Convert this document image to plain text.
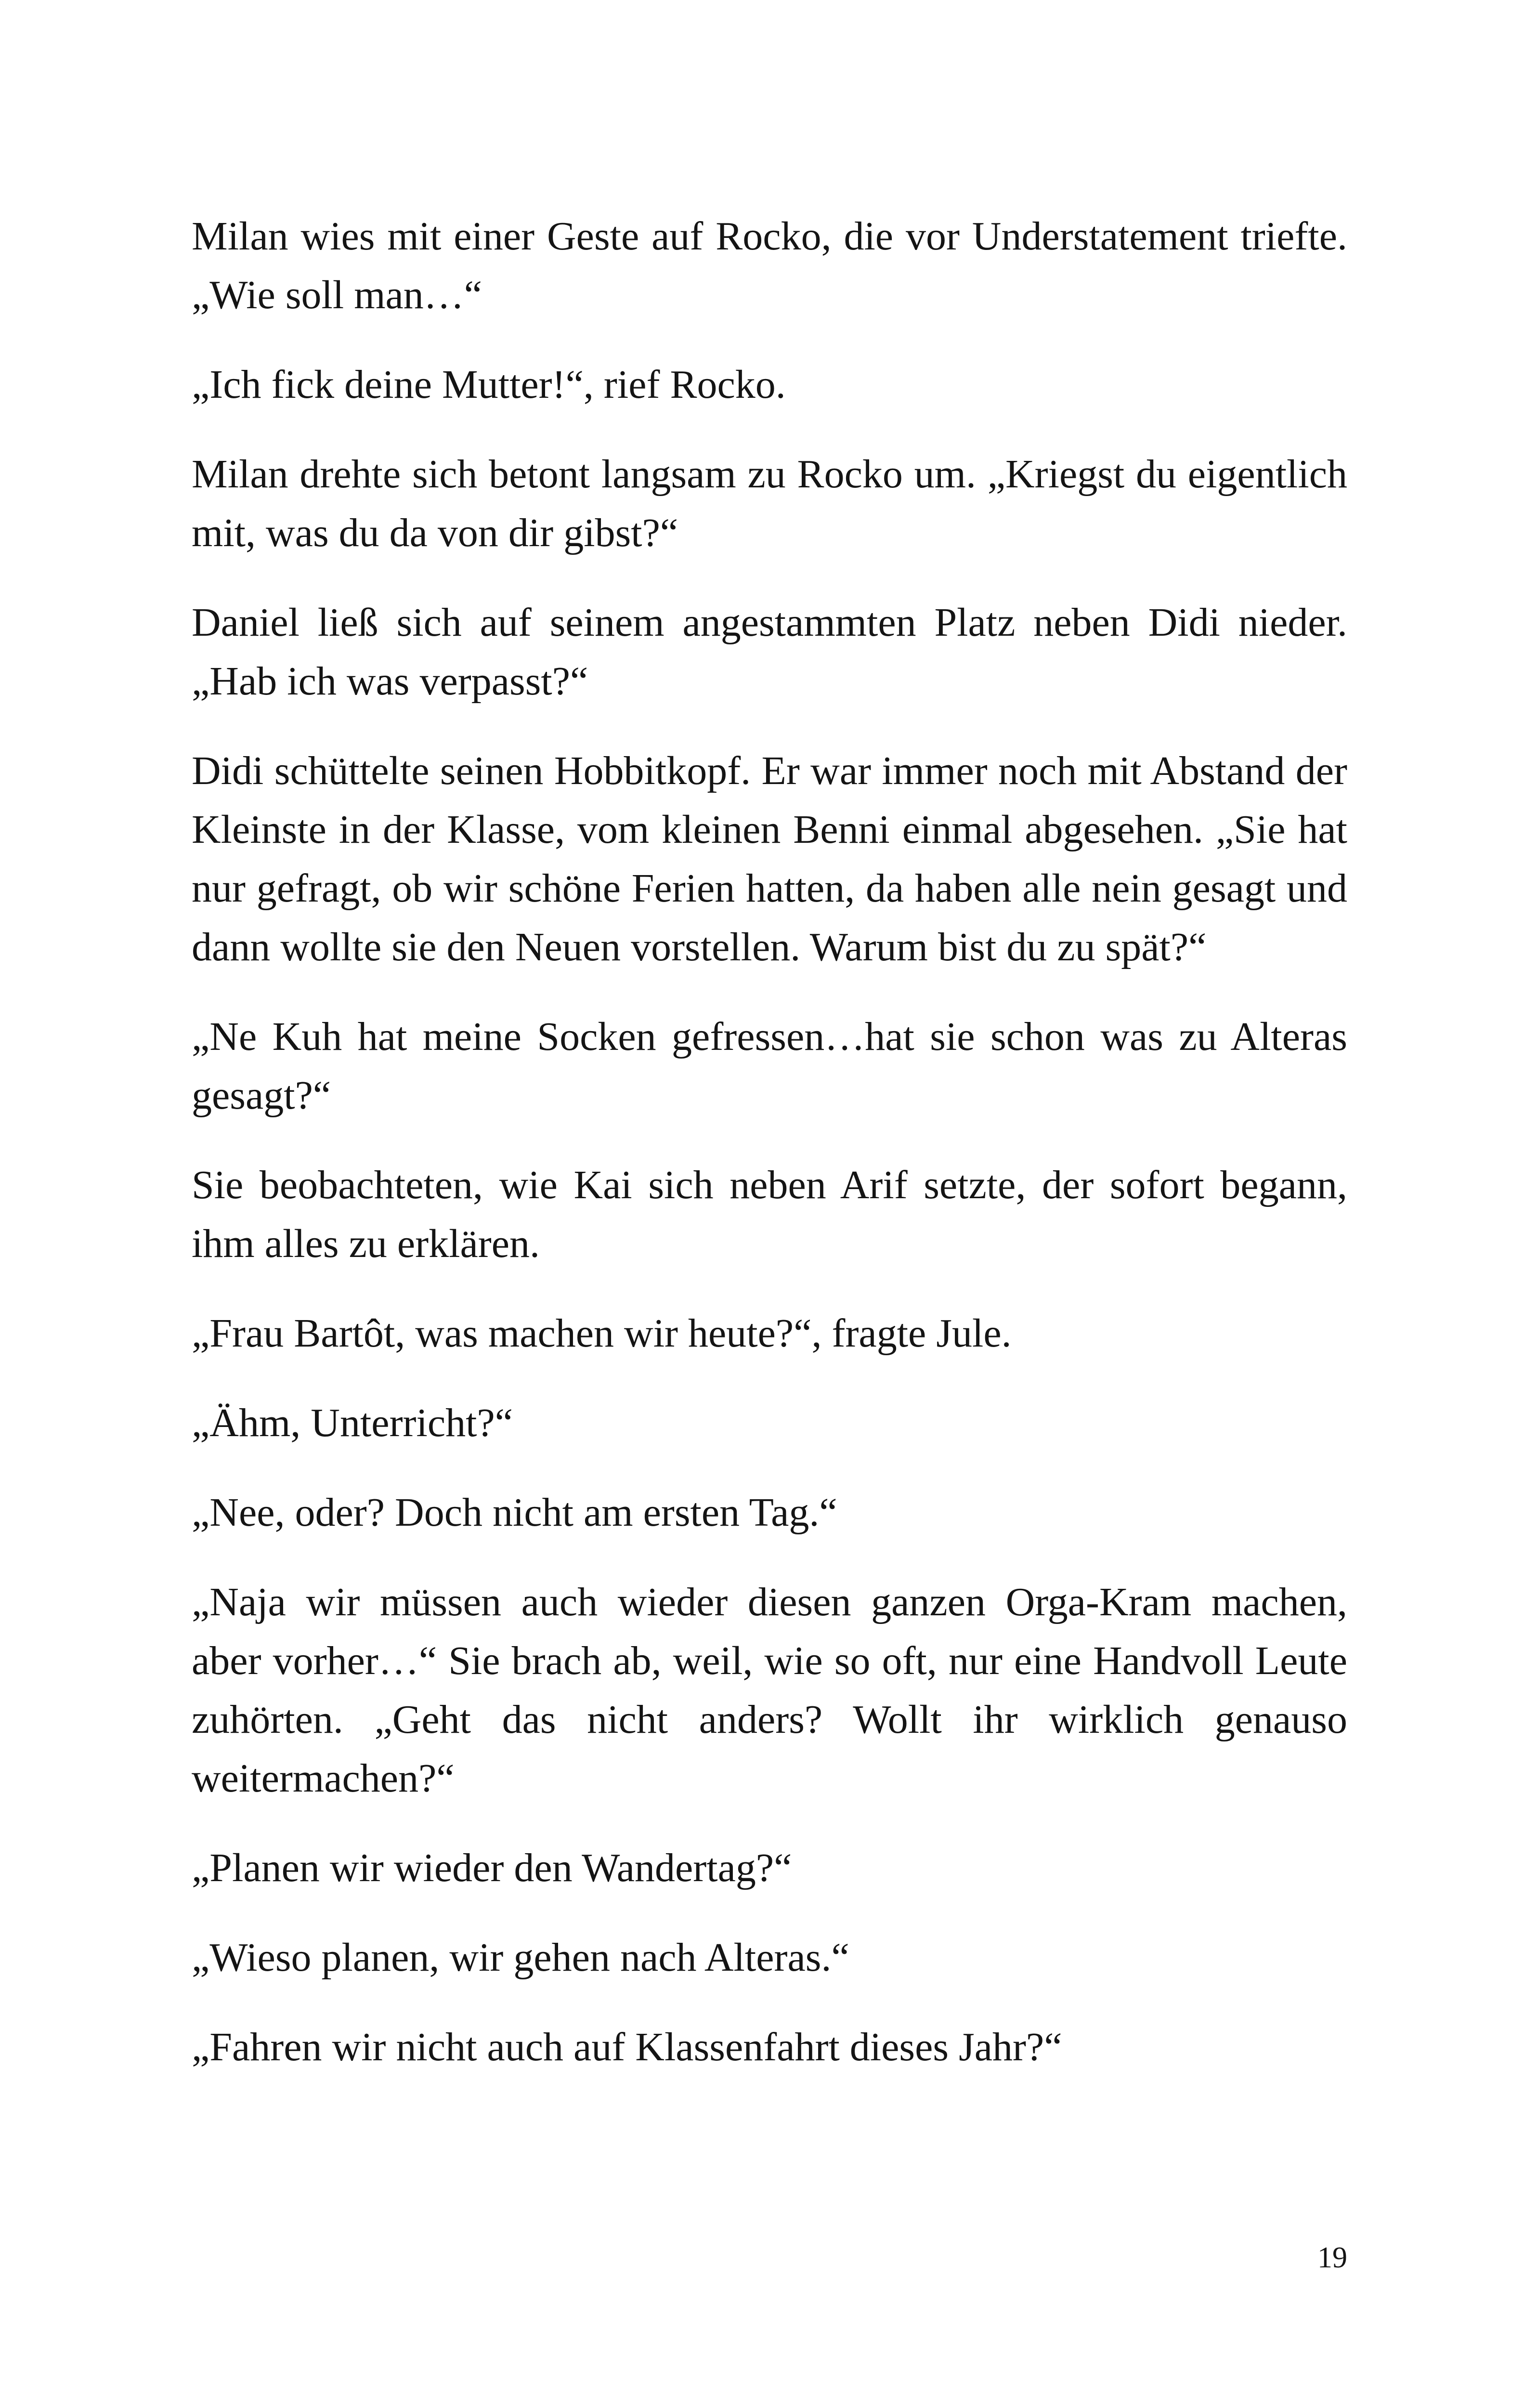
Milan wies mit einer Geste auf Rocko, die vor Understatement triefte. „Wie soll man…“

„Ich fick deine Mutter!“, rief Rocko.

Milan drehte sich betont langsam zu Rocko um. „Kriegst du eigentlich mit, was du da von dir gibst?“

Daniel ließ sich auf seinem angestammten Platz neben Didi nieder. „Hab ich was verpasst?“

Didi schüttelte seinen Hobbitkopf. Er war immer noch mit Abstand der Kleinste in der Klasse, vom kleinen Benni einmal abgesehen. „Sie hat nur gefragt, ob wir schöne Ferien hatten, da haben alle nein gesagt und dann wollte sie den Neuen vorstellen. Warum bist du zu spät?“

„Ne Kuh hat meine Socken gefressen…hat sie schon was zu Alteras gesagt?“

Sie beobachteten, wie Kai sich neben Arif setzte, der sofort begann, ihm alles zu erklären.

„Frau Bartôt, was machen wir heute?“, fragte Jule.

„Ähm, Unterricht?“

„Nee, oder? Doch nicht am ersten Tag.“

„Naja wir müssen auch wieder diesen ganzen Orga-Kram machen, aber vorher…“ Sie brach ab, weil, wie so oft, nur eine Handvoll Leute zuhörten. „Geht das nicht anders? Wollt ihr wirklich genauso weitermachen?“

„Planen wir wieder den Wandertag?“

„Wieso planen, wir gehen nach Alteras.“

„Fahren wir nicht auch auf Klassenfahrt dieses Jahr?“

19
